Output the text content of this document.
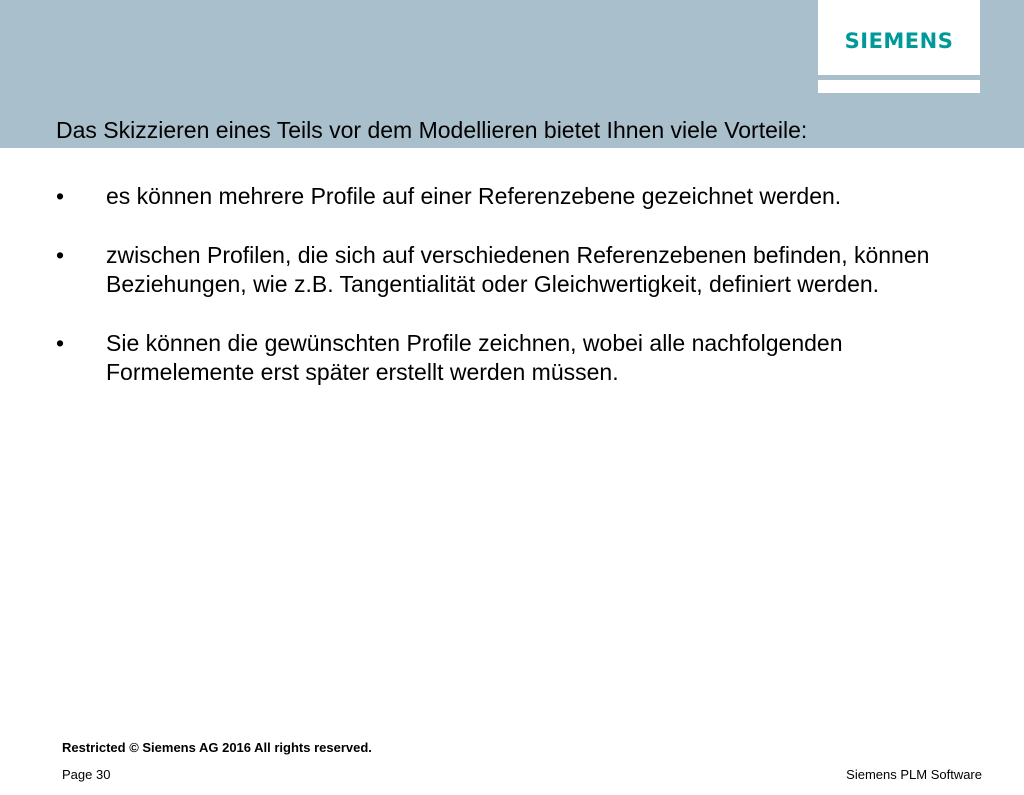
SIEMENS
Das Skizzieren eines Teils vor dem Modellieren bietet Ihnen viele Vorteile:
•	es können mehrere Profile auf einer Referenzebene gezeichnet werden.
•	zwischen Profilen, die sich auf verschiedenen Referenzebenen befinden, können Beziehungen, wie z.B. Tangentialität oder Gleichwertigkeit, definiert werden.
•	Sie können die gewünschten Profile zeichnen, wobei alle nachfolgenden Formelemente erst später erstellt werden müssen.
Restricted © Siemens AG 2016 All rights reserved.
Page 30	Siemens PLM Software
